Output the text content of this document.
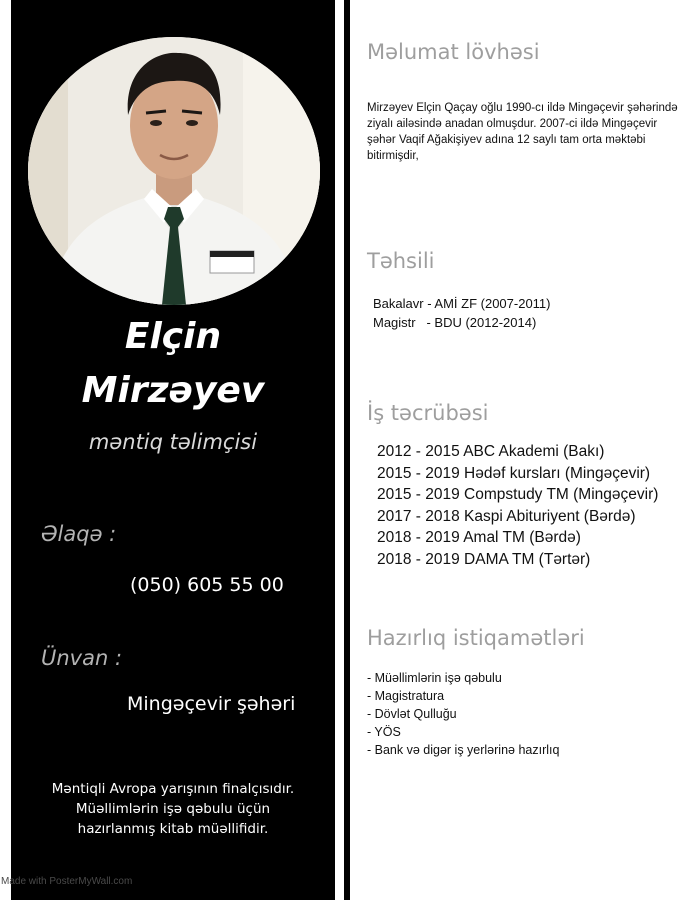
Elçin
Mirzəyev
məntiq təlimçisi
Əlaqə :
(050) 605 55 00
Ünvan :
Mingəçevir şəhəri
Məntiqli Avropa yarışının finalçısıdır.
Müəllimlərin işə qəbulu üçün
hazırlanmış kitab müəllifidir.
Made with PosterMyWall.com
Məlumat lövhəsi
Mirzəyev Elçin Qaçay oğlu 1990-cı ildə Mingəçevir şəhərində ziyalı ailəsində anadan olmuşdur. 2007-ci ildə Mingəçevir şəhər Vaqif Ağakişiyev adına 12 saylı tam orta məktəbi bitirmişdir,
Təhsili
Bakalavr - AMİ ZF (2007-2011)
Magistr   - BDU (2012-2014)
İş təcrübəsi
2012 - 2015 ABC Akademi (Bakı)
2015 - 2019 Hədəf kursları (Mingəçevir)
2015 - 2019 Compstudy TM (Mingəçevir)
2017 - 2018 Kaspi Abituriyent (Bərdə)
2018 - 2019 Amal TM (Bərdə)
2018 - 2019 DAMA TM (Tərtər)
Hazırlıq istiqamətləri
- Müəllimlərin işə qəbulu
- Magistratura
- Dövlət Qulluğu
- YÖS
- Bank və digər iş yerlərinə hazırlıq
